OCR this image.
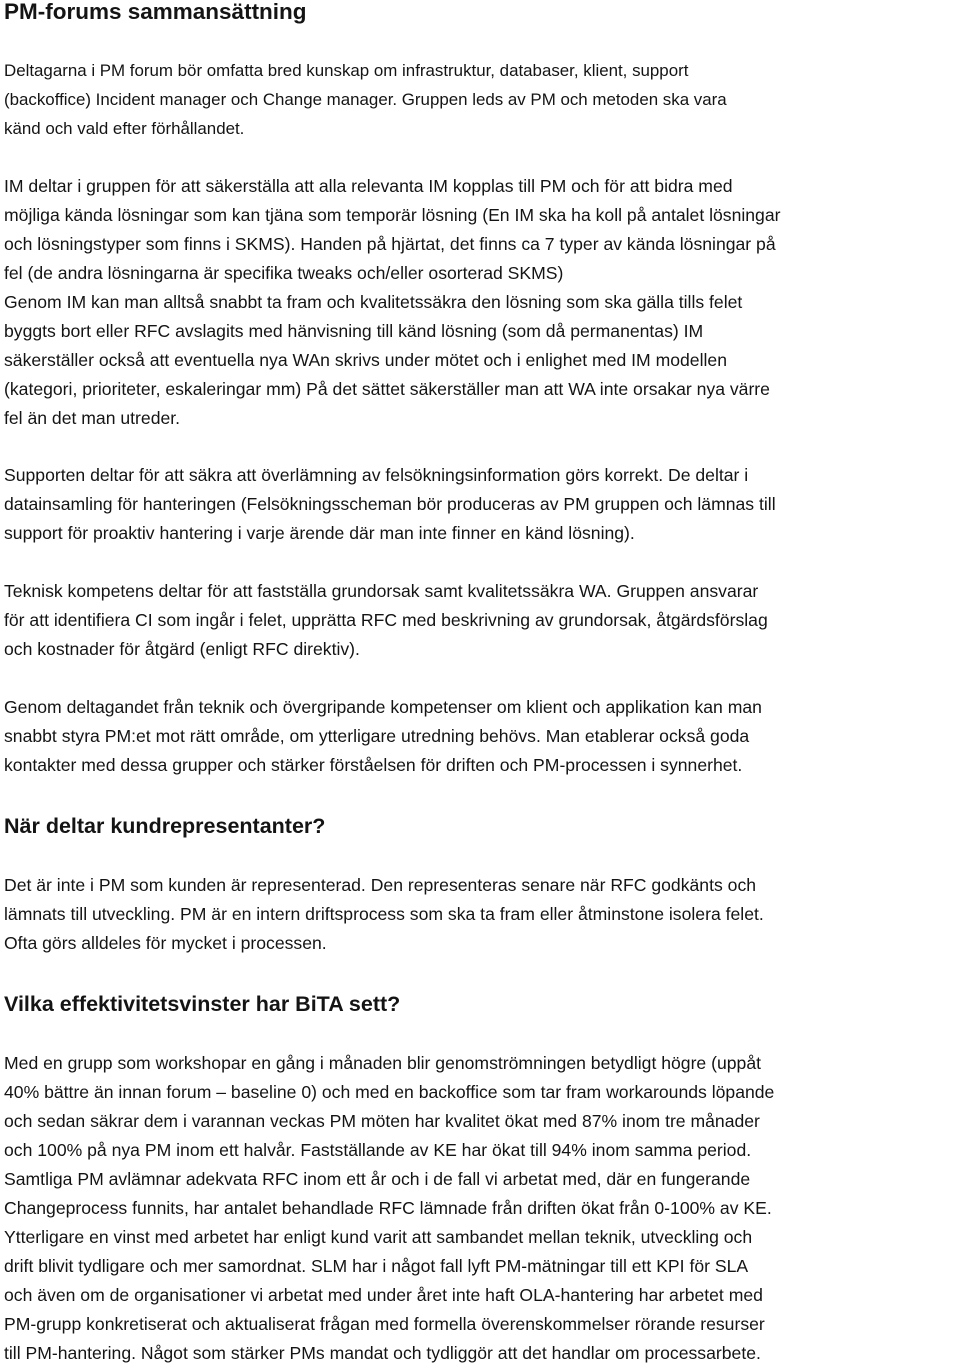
PM-forums sammansättning
Deltagarna i PM forum bör omfatta bred kunskap om infrastruktur, databaser, klient, support
(backoffice) Incident manager och Change manager. Gruppen leds av PM och metoden ska vara
känd och vald efter förhållandet.
IM deltar i gruppen för att säkerställa att alla relevanta IM kopplas till PM och för att bidra med
möjliga kända lösningar som kan tjäna som temporär lösning (En IM ska ha koll på antalet lösningar
och lösningstyper som finns i SKMS). Handen på hjärtat, det finns ca 7 typer av kända lösningar på
fel (de andra lösningarna är specifika tweaks och/eller osorterad SKMS)
Genom IM kan man alltså snabbt ta fram och kvalitetssäkra den lösning som ska gälla tills felet
byggts bort eller RFC avslagits med hänvisning till känd lösning (som då permanentas) IM
säkerställer också att eventuella nya WAn skrivs under mötet och i enlighet med IM modellen
(kategori, prioriteter, eskaleringar mm) På det sättet säkerställer man att WA inte orsakar nya värre
fel än det man utreder.
Supporten deltar för att säkra att överlämning av felsökningsinformation görs korrekt. De deltar i
datainsamling för hanteringen (Felsökningsscheman bör produceras av PM gruppen och lämnas till
support för proaktiv hantering i varje ärende där man inte finner en känd lösning).
Teknisk kompetens deltar för att fastställa grundorsak samt kvalitetssäkra WA. Gruppen ansvarar
för att identifiera CI som ingår i felet, upprätta RFC med beskrivning av grundorsak, åtgärdsförslag
och kostnader för åtgärd (enligt RFC direktiv).
Genom deltagandet från teknik och övergripande kompetenser om klient och applikation kan man
snabbt styra PM:et mot rätt område, om ytterligare utredning behövs. Man etablerar också goda
kontakter med dessa grupper och stärker förståelsen för driften och PM-processen i synnerhet.
När deltar kundrepresentanter?
Det är inte i PM som kunden är representerad. Den representeras senare när RFC godkänts och
lämnats till utveckling. PM är en intern driftsprocess som ska ta fram eller åtminstone isolera felet.
Ofta görs alldeles för mycket i processen.
Vilka effektivitetsvinster har BiTA sett?
Med en grupp som workshopar en gång i månaden blir genomströmningen betydligt högre (uppåt
40% bättre än innan forum – baseline 0) och med en backoffice som tar fram workarounds löpande
och sedan säkrar dem i varannan veckas PM möten har kvalitet ökat med 87% inom tre månader
och 100% på nya PM inom ett halvår. Fastställande av KE har ökat till 94% inom samma period.
Samtliga PM avlämnar adekvata RFC inom ett år och i de fall vi arbetat med, där en fungerande
Changeprocess funnits, har antalet behandlade RFC lämnade från driften ökat från 0-100% av KE.
Ytterligare en vinst med arbetet har enligt kund varit att sambandet mellan teknik, utveckling och
drift blivit tydligare och mer samordnat. SLM har i något fall lyft PM-mätningar till ett KPI för SLA
och även om de organisationer vi arbetat med under året inte haft OLA-hantering har arbetet med
PM-grupp konkretiserat och aktualiserat frågan med formella överenskommelser rörande resurser
till PM-hantering. Något som stärker PMs mandat och tydliggör att det handlar om processarbete.
